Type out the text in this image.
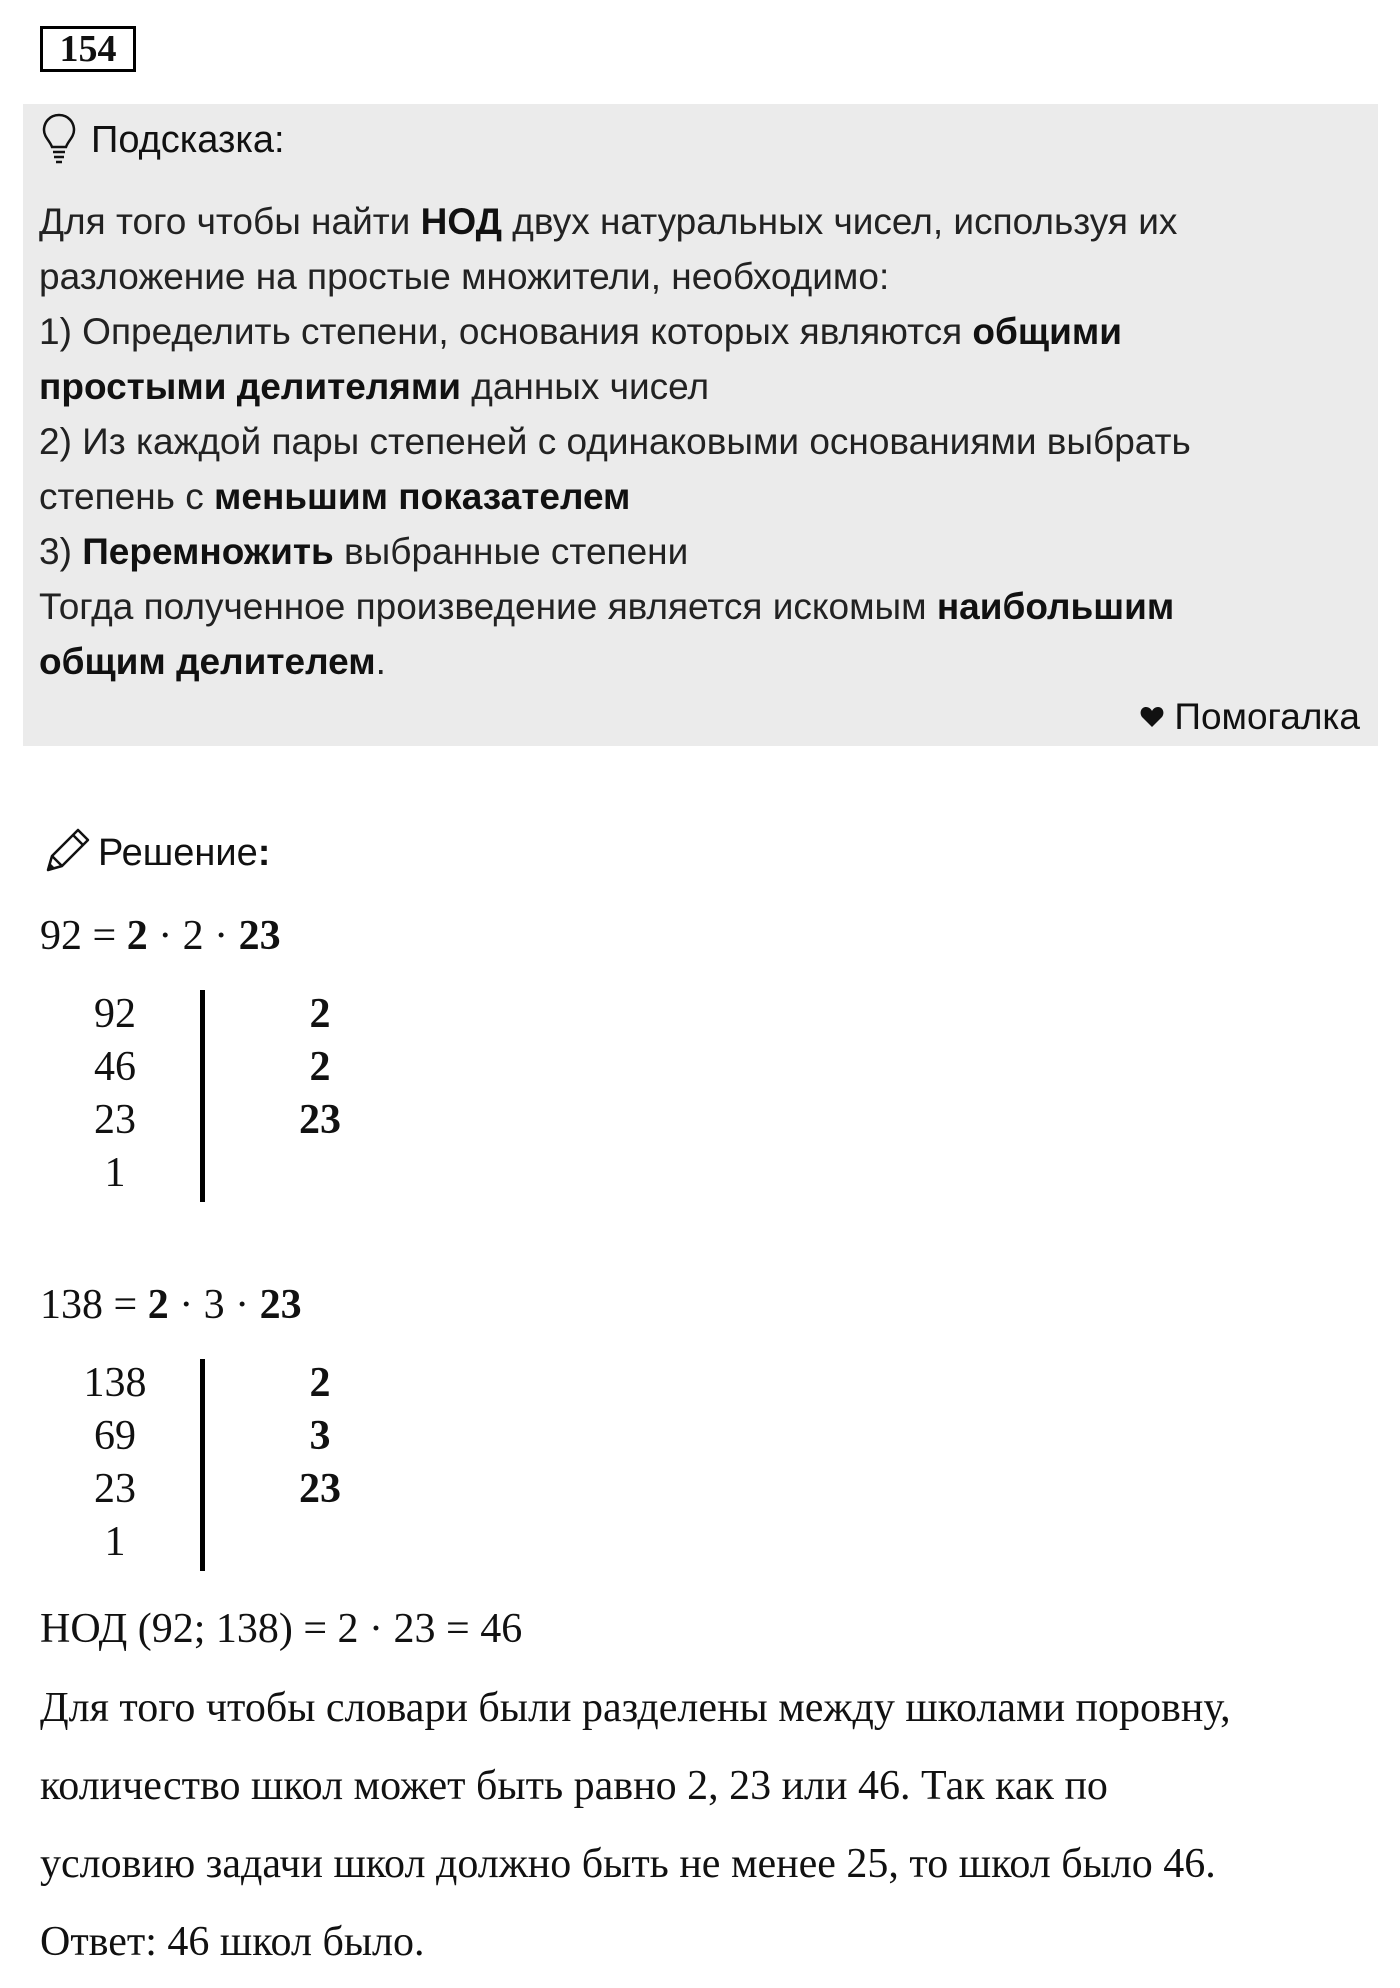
154
Подсказка:
Для того чтобы найти НОД двух натуральных чисел, используя их
разложение на простые множители, необходимо:
1) Определить степени, основания которых являются общими
простыми делителями данных чисел
2) Из каждой пары степеней с одинаковыми основаниями выбрать
степень с меньшим показателем
3) Перемножить выбранные степени
Тогда полученное произведение является искомым наибольшим
общим делителем.
Помогалка
Решение:
92 = 2 · 2 · 23
92
46
23
1
2
2
23
138 = 2 · 3 · 23
138
69
23
1
2
3
23
НОД (92; 138) = 2 · 23 = 46
Для того чтобы словари были разделены между школами поровну,
количество школ может быть равно 2, 23 или 46. Так как по
условию задачи школ должно быть не менее 25, то школ было 46.
Ответ: 46 школ было.
